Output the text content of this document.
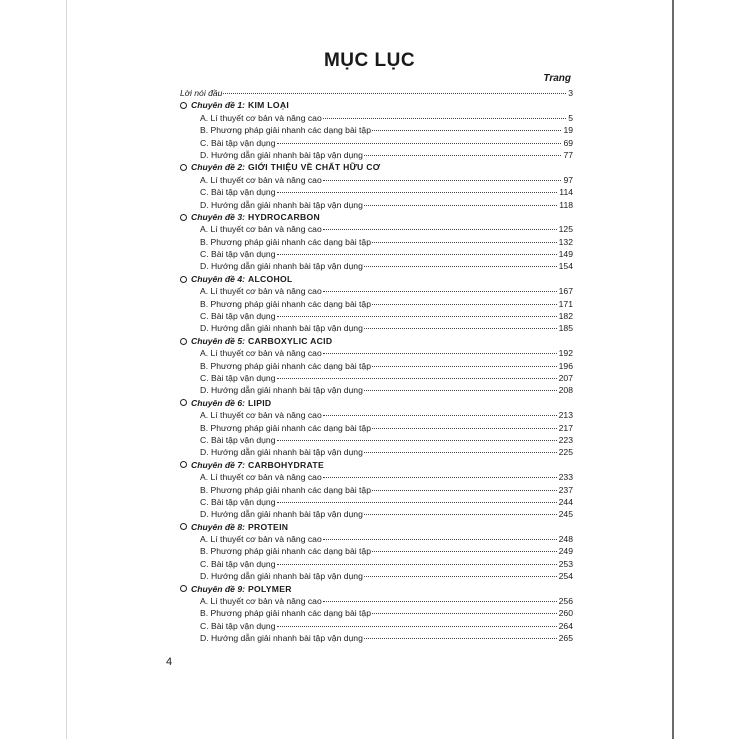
MỤC LỤC
Trang
Lời nói đầu	3
Chuyên đề 1: KIM LOẠI
A. Lí thuyết cơ bản và nâng cao	5
B. Phương pháp giải nhanh các dạng bài tập	19
C. Bài tập vận dụng	69
D. Hướng dẫn giải nhanh bài tập vận dụng	77
Chuyên đề 2: GIỚI THIỆU VỀ CHẤT HỮU CƠ
A. Lí thuyết cơ bản và nâng cao	97
C. Bài tập vận dụng	114
D. Hướng dẫn giải nhanh bài tập vận dụng	118
Chuyên đề 3: HYDROCARBON
A. Lí thuyết cơ bản và nâng cao	125
B. Phương pháp giải nhanh các dạng bài tập	132
C. Bài tập vận dụng	149
D. Hướng dẫn giải nhanh bài tập vận dụng	154
Chuyên đề 4: ALCOHOL
A. Lí thuyết cơ bản và nâng cao	167
B. Phương pháp giải nhanh các dạng bài tập	171
C. Bài tập vận dụng	182
D. Hướng dẫn giải nhanh bài tập vận dụng	185
Chuyên đề 5: CARBOXYLIC ACID
A. Lí thuyết cơ bản và nâng cao	192
B. Phương pháp giải nhanh các dạng bài tập	196
C. Bài tập vận dụng	207
D. Hướng dẫn giải nhanh bài tập vận dụng	208
Chuyên đề 6: LIPID
A. Lí thuyết cơ bản và nâng cao	213
B. Phương pháp giải nhanh các dạng bài tập	217
C. Bài tập vận dụng	223
D. Hướng dẫn giải nhanh bài tập vận dụng	225
Chuyên đề 7: CARBOHYDRATE
A. Lí thuyết cơ bản và nâng cao	233
B. Phương pháp giải nhanh các dạng bài tập	237
C. Bài tập vận dụng	244
D. Hướng dẫn giải nhanh bài tập vận dụng	245
Chuyên đề 8: PROTEIN
A. Lí thuyết cơ bản và nâng cao	248
B. Phương pháp giải nhanh các dạng bài tập	249
C. Bài tập vận dụng	253
D. Hướng dẫn giải nhanh bài tập vận dụng	254
Chuyên đề 9: POLYMER
A. Lí thuyết cơ bản và nâng cao	256
B. Phương pháp giải nhanh các dạng bài tập	260
C. Bài tập vận dụng	264
D. Hướng dẫn giải nhanh bài tập vận dụng	265
4
